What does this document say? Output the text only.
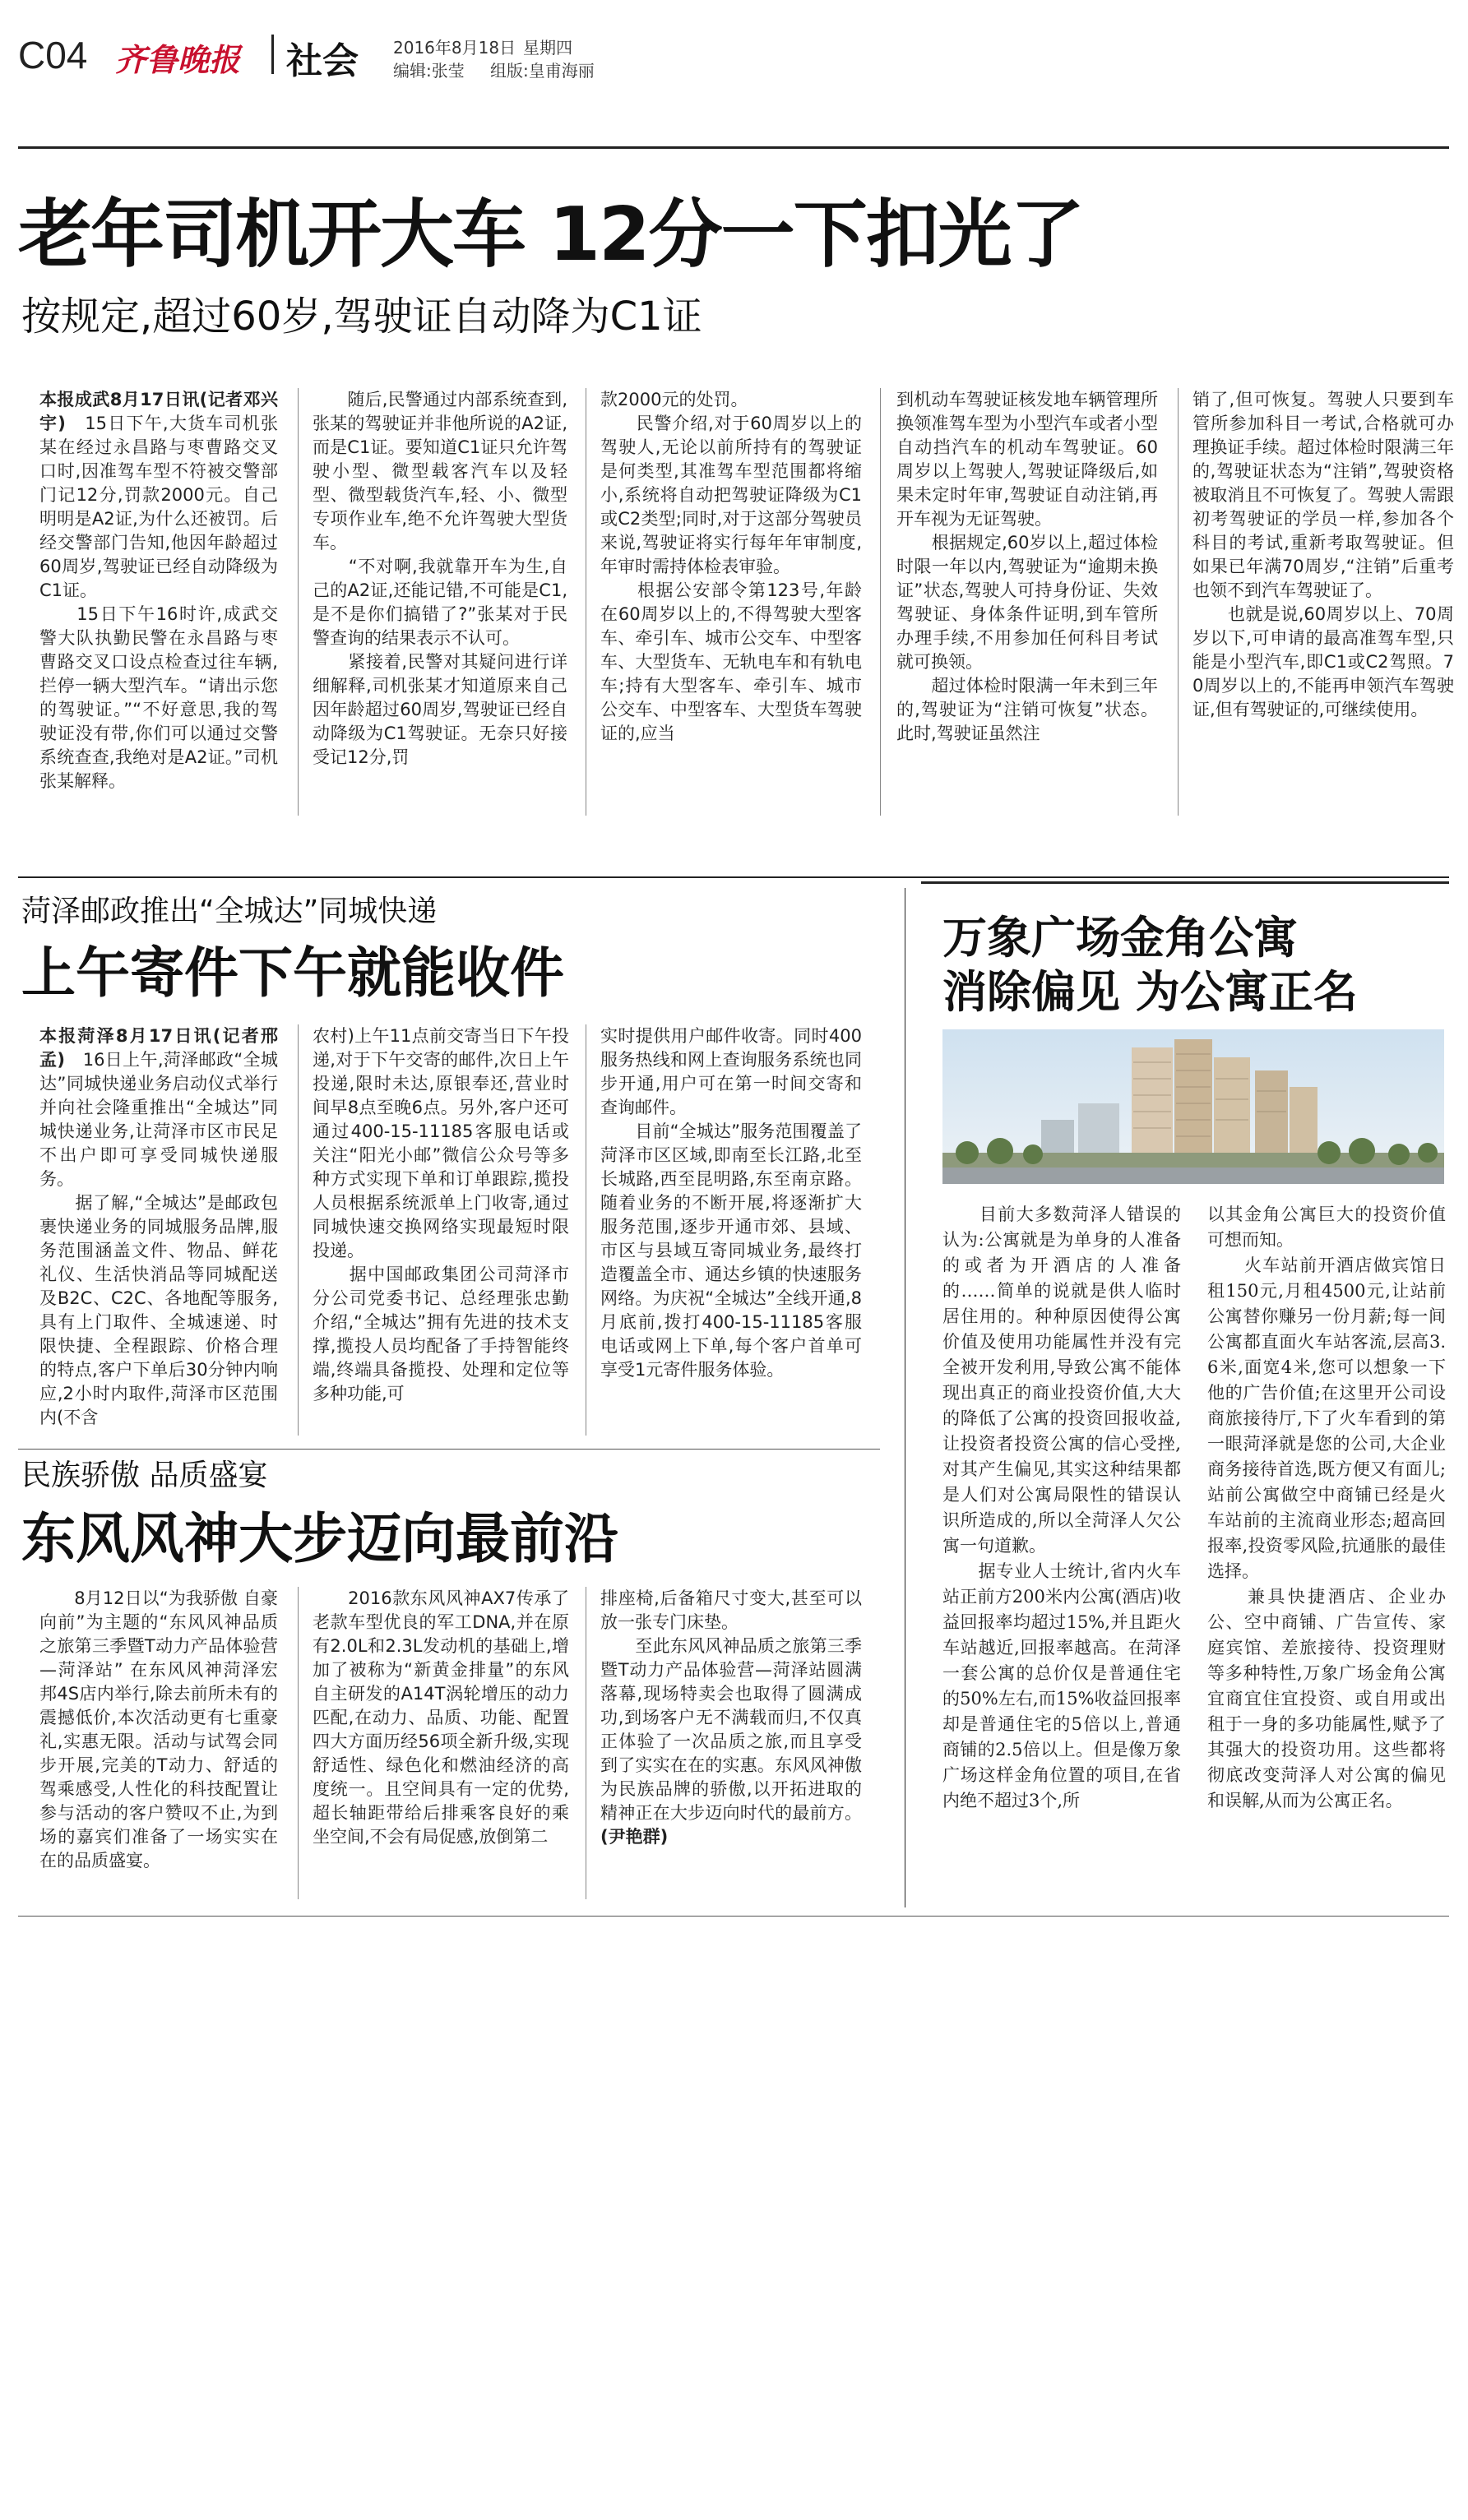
C04 齐鲁晚报 社会 2016年8月18日 星期四
编辑:张莹 组版:皇甫海丽
老年司机开大车 12分一下扣光了
按规定,超过60岁,驾驶证自动降为C1证
本报成武8月17日讯(记者邓兴宇)　 15日下午,大货车司机张某在经过永昌路与枣曹路交叉口时,因准驾车型不符被交警部门记12分,罚款2000元。自己明明是A2证,为什么还被罚。后经交警部门告知,他因年龄超过60周岁,驾驶证已经自动降级为C1证。
　　15日下午16时许,成武交警大队执勤民警在永昌路与枣曹路交叉口设点检查过往车辆,拦停一辆大型汽车。“请出示您的驾驶证。”“不好意思,我的驾驶证没有带,你们可以通过交警系统查查,我绝对是A2证。”司机张某解释。
　　随后,民警通过内部系统查到,张某的驾驶证并非他所说的A2证,而是C1证。要知道C1证只允许驾驶小型、微型载客汽车以及轻型、微型载货汽车,轻、小、微型专项作业车,绝不允许驾驶大型货车。
　　“不对啊,我就靠开车为生,自己的A2证,还能记错,不可能是C1,是不是你们搞错了?”张某对于民警查询的结果表示不认可。
　　紧接着,民警对其疑问进行详细解释,司机张某才知道原来自己因年龄超过60周岁,驾驶证已经自动降级为C1驾驶证。无奈只好接受记12分,罚
款2000元的处罚。
　　民警介绍,对于60周岁以上的驾驶人,无论以前所持有的驾驶证是何类型,其准驾车型范围都将缩小,系统将自动把驾驶证降级为C1或C2类型;同时,对于这部分驾驶员来说,驾驶证将实行每年年审制度,年审时需持体检表审验。
　　根据公安部令第123号,年龄在60周岁以上的,不得驾驶大型客车、牵引车、城市公交车、中型客车、大型货车、无轨电车和有轨电车;持有大型客车、牵引车、城市公交车、中型客车、大型货车驾驶证的,应当
到机动车驾驶证核发地车辆管理所换领准驾车型为小型汽车或者小型自动挡汽车的机动车驾驶证。60周岁以上驾驶人,驾驶证降级后,如果未定时年审,驾驶证自动注销,再开车视为无证驾驶。
　　根据规定,60岁以上,超过体检时限一年以内,驾驶证为“逾期未换证”状态,驾驶人可持身份证、失效驾驶证、身体条件证明,到车管所办理手续,不用参加任何科目考试就可换领。
　　超过体检时限满一年未到三年的,驾驶证为“注销可恢复”状态。此时,驾驶证虽然注
销了,但可恢复。驾驶人只要到车管所参加科目一考试,合格就可办理换证手续。超过体检时限满三年的,驾驶证状态为“注销”,驾驶资格被取消且不可恢复了。驾驶人需跟初考驾驶证的学员一样,参加各个科目的考试,重新考取驾驶证。但如果已年满70周岁,“注销”后重考也领不到汽车驾驶证了。
　　也就是说,60周岁以上、70周岁以下,可申请的最高准驾车型,只能是小型汽车,即C1或C2驾照。70周岁以上的,不能再申领汽车驾驶证,但有驾驶证的,可继续使用。
菏泽邮政推出“全城达”同城快递
上午寄件下午就能收件
本报菏泽8月17日讯(记者邢孟)　 16日上午,菏泽邮政“全城达”同城快递业务启动仪式举行并向社会隆重推出“全城达”同城快递业务,让菏泽市区市民足不出户即可享受同城快递服务。
　　据了解,“全城达”是邮政包裹快递业务的同城服务品牌,服务范围涵盖文件、物品、鲜花礼仪、生活快消品等同城配送及B2C、C2C、各地配等服务,具有上门取件、全城速递、时限快捷、全程跟踪、价格合理的特点,客户下单后30分钟内响应,2小时内取件,菏泽市区范围内(不含
农村)上午11点前交寄当日下午投递,对于下午交寄的邮件,次日上午投递,限时未达,原银奉还,营业时间早8点至晚6点。另外,客户还可通过400-15-11185客服电话或关注“阳光小邮”微信公众号等多种方式实现下单和订单跟踪,揽投人员根据系统派单上门收寄,通过同城快速交换网络实现最短时限投递。
　　据中国邮政集团公司菏泽市分公司党委书记、总经理张忠勤介绍,“全城达”拥有先进的技术支撑,揽投人员均配备了手持智能终端,终端具备揽投、处理和定位等多种功能,可
实时提供用户邮件收寄。同时400服务热线和网上查询服务系统也同步开通,用户可在第一时间交寄和查询邮件。
　　目前“全城达”服务范围覆盖了菏泽市区区域,即南至长江路,北至长城路,西至昆明路,东至南京路。随着业务的不断开展,将逐渐扩大服务范围,逐步开通市郊、县域、市区与县域互寄同城业务,最终打造覆盖全市、通达乡镇的快速服务网络。为庆祝“全城达”全线开通,8月底前,拨打400-15-11185客服电话或网上下单,每个客户首单可享受1元寄件服务体验。
民族骄傲 品质盛宴
东风风神大步迈向最前沿
　　8月12日以“为我骄傲 自豪向前”为主题的“东风风神品质之旅第三季暨T动力产品体验营—菏泽站” 在东风风神菏泽宏邦4S店内举行,除去前所未有的震撼低价,本次活动更有七重豪礼,实惠无限。活动与试驾会同步开展,完美的T动力、舒适的驾乘感受,人性化的科技配置让参与活动的客户赞叹不止,为到场的嘉宾们准备了一场实实在在的品质盛宴。
　　2016款东风风神AX7传承了老款车型优良的军工DNA,并在原有2.0L和2.3L发动机的基础上,增加了被称为“新黄金排量”的东风自主研发的A14T涡轮增压的动力匹配,在动力、品质、功能、配置四大方面历经56项全新升级,实现舒适性、绿色化和燃油经济的高度统一。且空间具有一定的优势,超长轴距带给后排乘客良好的乘坐空间,不会有局促感,放倒第二
排座椅,后备箱尺寸变大,甚至可以放一张专门床垫。
　　至此东风风神品质之旅第三季暨T动力产品体验营—菏泽站圆满落幕,现场特卖会也取得了圆满成功,到场客户无不满载而归,不仅真正体验了一次品质之旅,而且享受到了实实在在的实惠。东风风神傲为民族品牌的骄傲,以开拓进取的精神正在大步迈向时代的最前方。(尹艳群)
万象广场金角公寓
消除偏见 为公寓正名
　　目前大多数菏泽人错误的认为:公寓就是为单身的人准备的或者为开酒店的人准备的……简单的说就是供人临时居住用的。种种原因使得公寓价值及使用功能属性并没有完全被开发利用,导致公寓不能体现出真正的商业投资价值,大大的降低了公寓的投资回报收益,让投资者投资公寓的信心受挫,对其产生偏见,其实这种结果都是人们对公寓局限性的错误认识所造成的,所以全菏泽人欠公寓一句道歉。
　　据专业人士统计,省内火车站正前方200米内公寓(酒店)收益回报率均超过15%,并且距火车站越近,回报率越高。在菏泽一套公寓的总价仅是普通住宅的50%左右,而15%收益回报率却是普通住宅的5倍以上,普通商铺的2.5倍以上。但是像万象广场这样金角位置的项目,在省内绝不超过3个,所
以其金角公寓巨大的投资价值可想而知。
　　火车站前开酒店做宾馆日租150元,月租4500元,让站前公寓替你赚另一份月薪;每一间公寓都直面火车站客流,层高3.6米,面宽4米,您可以想象一下他的广告价值;在这里开公司设商旅接待厅,下了火车看到的第一眼菏泽就是您的公司,大企业商务接待首选,既方便又有面儿;站前公寓做空中商铺已经是火车站前的主流商业形态;超高回报率,投资零风险,抗通胀的最佳选择。
　　兼具快捷酒店、企业办公、空中商铺、广告宣传、家庭宾馆、差旅接待、投资理财等多种特性,万象广场金角公寓宜商宜住宜投资、或自用或出租于一身的多功能属性,赋予了其强大的投资功用。这些都将彻底改变菏泽人对公寓的偏见和误解,从而为公寓正名。
